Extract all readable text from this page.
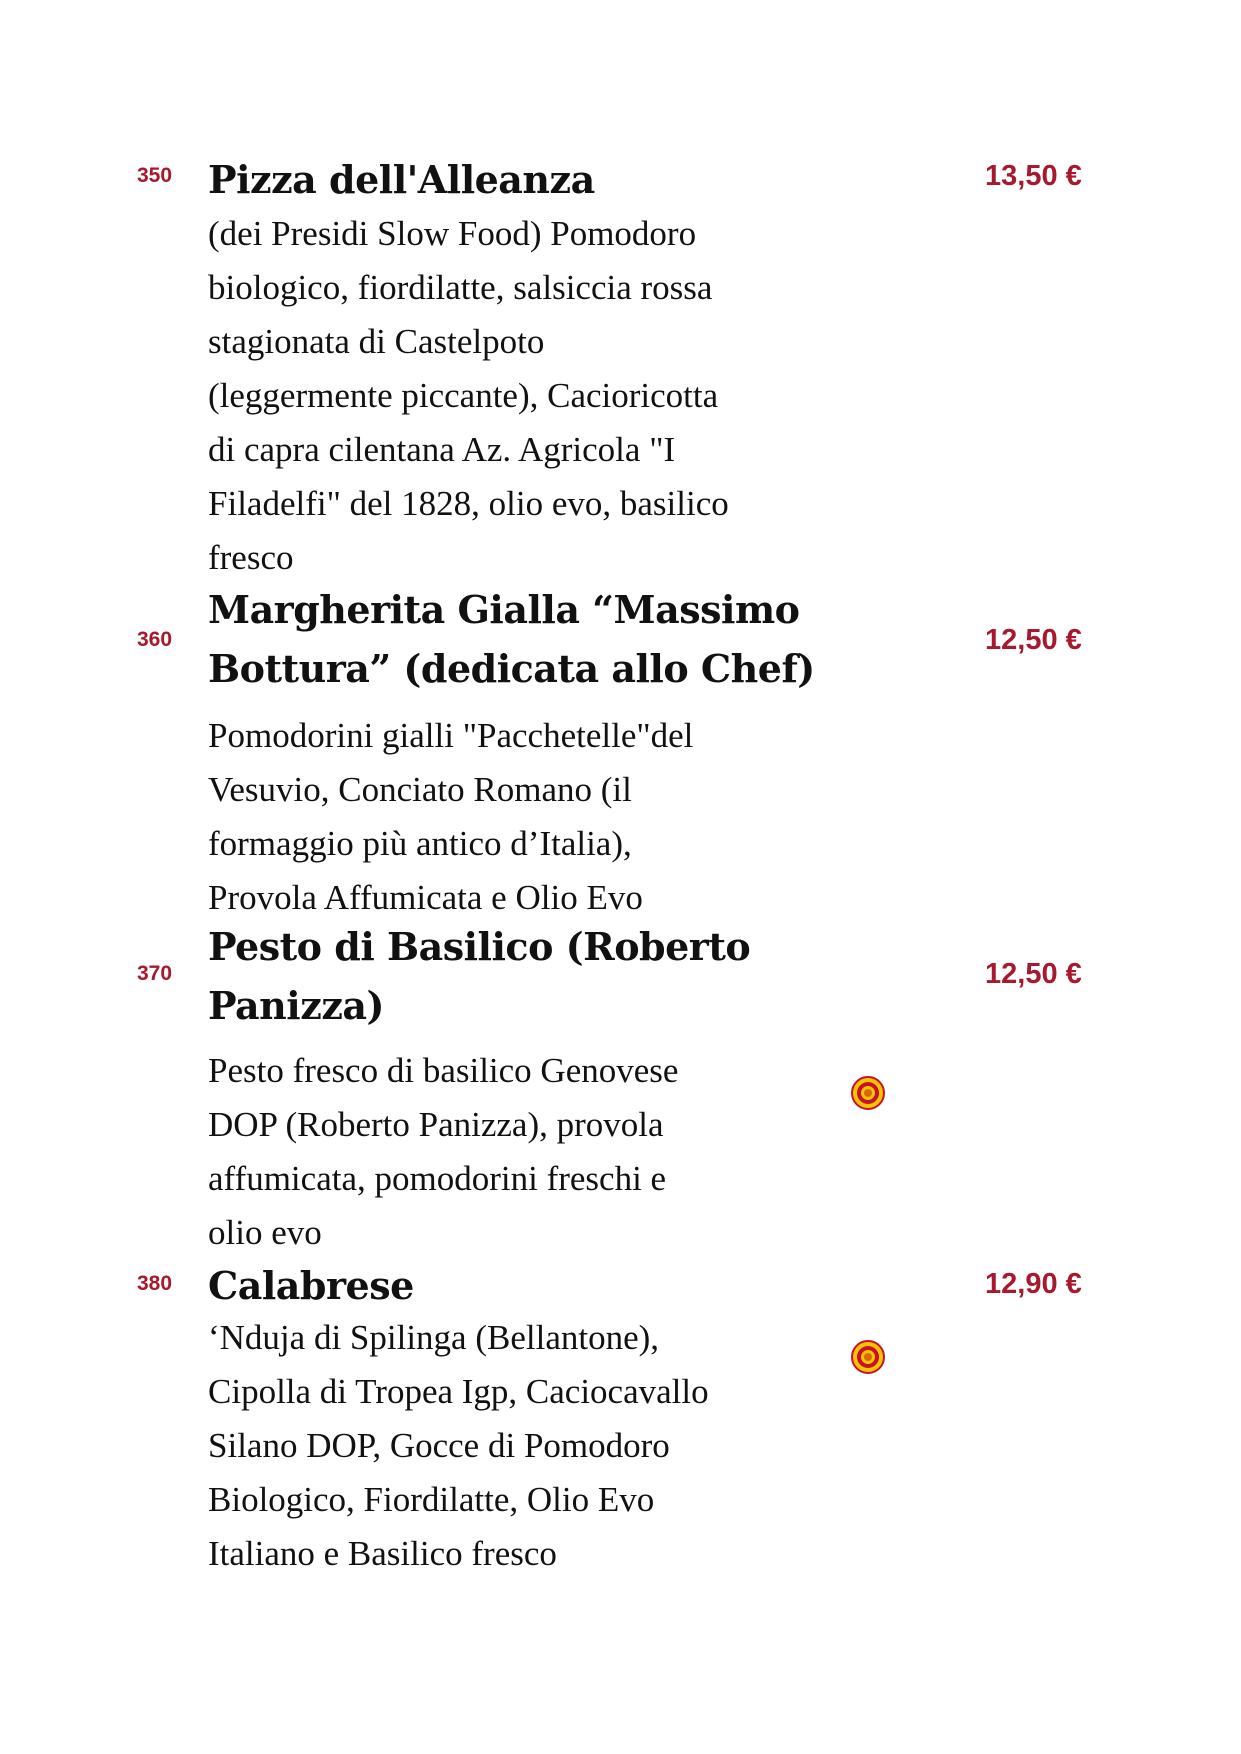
350 Pizza dell'Alleanza	13,50 €
(dei Presidi Slow Food) Pomodoro
biologico, fiordilatte, salsiccia rossa
stagionata di Castelpoto
(leggermente piccante), Cacioricotta
di capra cilentana Az. Agricola "I
Filadelfi" del 1828, olio evo, basilico
fresco
360
Margherita Gialla “Massimo
Bottura” (dedicata allo Chef)
12,50 €
Pomodorini gialli "Pacchetelle"del
Vesuvio, Conciato Romano (il
formaggio più antico d’Italia),
Provola Affumicata e Olio Evo
370
Pesto di Basilico (Roberto
Panizza)
12,50 €
Pesto fresco di basilico Genovese
DOP (Roberto Panizza), provola
affumicata, pomodorini freschi e
olio evo
380 Calabrese	12,90 €
‘Nduja di Spilinga (Bellantone),
Cipolla di Tropea Igp, Caciocavallo
Silano DOP, Gocce di Pomodoro
Biologico, Fiordilatte, Olio Evo
Italiano e Basilico fresco
